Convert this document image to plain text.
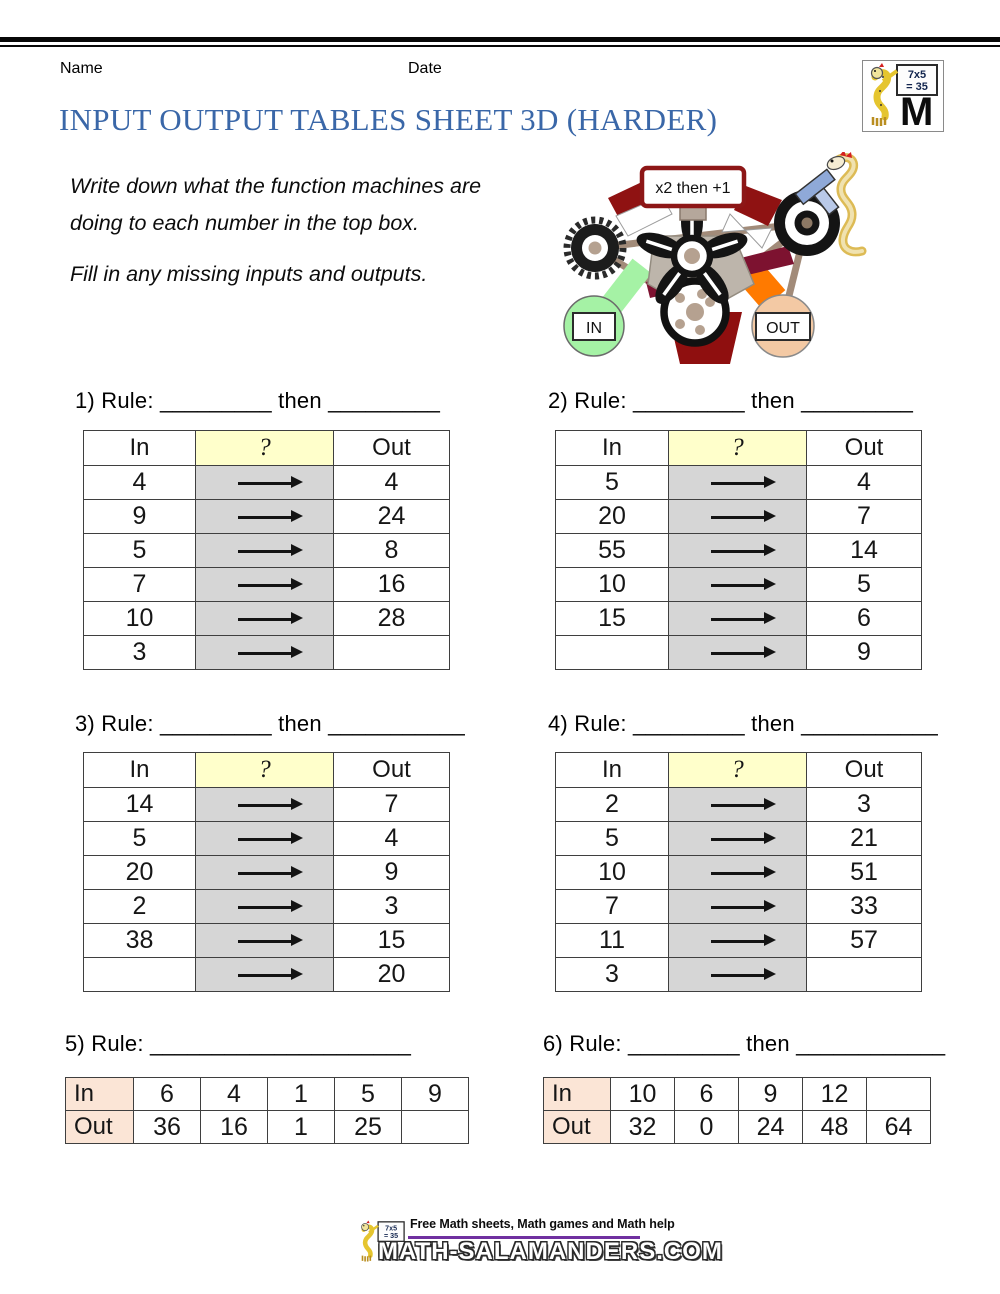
Name	Date	7x5
= 35
M
INPUT OUTPUT TABLES SHEET 3D (HARDER)

Write down what the function machines are doing to each number in the top box.

Fill in any missing inputs and outputs.

x2 then +1
IN	OUT
1) Rule: _________ then _________
In	?	Out
4		4
9		24
5		8
7		16
10		28
3		
2) Rule: _________ then _________
In	?	Out
5		4
20		7
55		14
10		5
15		6
		9
3) Rule: _________ then ___________
In	?	Out
14		7
5		4
20		9
2		3
38		15
		20
4) Rule: _________ then ___________
In	?	Out
2		3
5		21
10		51
7		33
11		57
3		
5) Rule: _____________________
In	6	4	1	5	9
Out	36	16	1	25	
6) Rule: _________ then ____________
In	10	6	9	12	
Out	32	0	24	48	64
7x5
= 35
Free Math sheets, Math games and Math help
MATH-SALAMANDERS.COM
